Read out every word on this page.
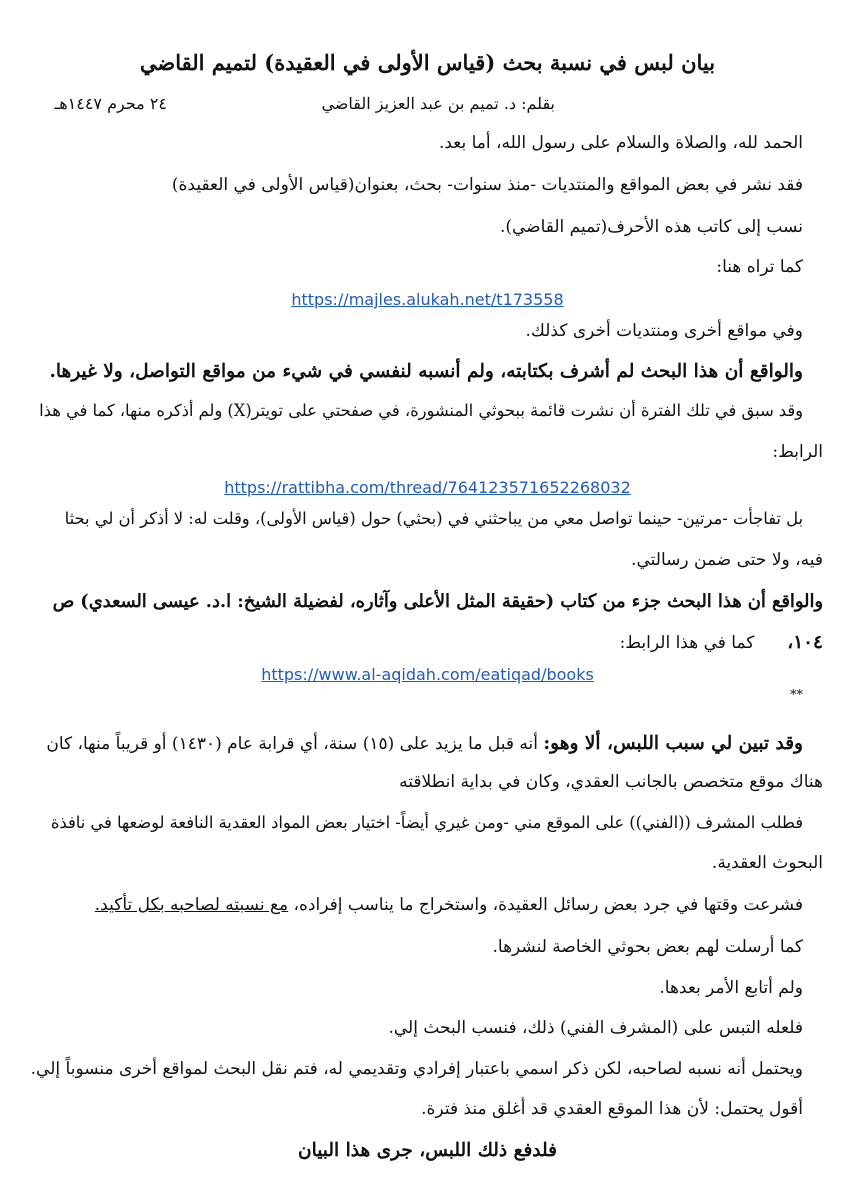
بيان لبس في نسبة بحث (قياس الأولى في العقيدة) لتميم القاضي
بقلم: د. تميم بن عبد العزيز القاضي
٢٤ محرم ١٤٤٧هـ
الحمد لله، والصلاة والسلام على رسول الله، أما بعد.
فقد نشر في بعض المواقع والمنتديات -منذ سنوات- بحث، بعنوان(قياس الأولى في العقيدة)
نسب إلى كاتب هذه الأحرف(تميم القاضي).
كما تراه هنا:
https://majles.alukah.net/t173558
وفي مواقع أخرى ومنتديات أخرى كذلك.
والواقع أن هذا البحث لم أشرف بكتابته، ولم أنسبه لنفسي في شيء من مواقع التواصل، ولا غيرها.
وقد سبق في تلك الفترة أن نشرت قائمة ببحوثي المنشورة، في صفحتي على تويتر(X) ولم أذكره منها، كما في هذا
الرابط:
https://rattibha.com/thread/764123571652268032
بل تفاجأت -مرتين- حينما تواصل معي من يباحثني في (بحثي) حول (قياس الأولى)، وقلت له: لا أذكر أن لي بحثا
فيه، ولا حتى ضمن رسالتي.
والواقع أن هذا البحث جزء من كتاب (حقيقة المثل الأعلى وآثاره، لفضيلة الشيخ: ا.د. عيسى السعدي) ص
١٠٤،  كما في هذا الرابط:
https://www.al-aqidah.com/eatiqad/books
**
وقد تبين لي سبب اللبس، ألا وهو: أنه قبل ما يزيد على (١٥) سنة، أي قرابة عام (١٤٣٠) أو قريباً منها، كان
هناك موقع متخصص بالجانب العقدي، وكان في بداية انطلاقته
فطلب المشرف ((الفني)) على الموقع مني -ومن غيري أيضاً- اختيار بعض المواد العقدية النافعة لوضعها في نافذة
البحوث العقدية.
فشرعت وقتها في جرد بعض رسائل العقيدة، واستخراج ما يناسب إفراده، مع نسبته لصاحبه بكل تأكيد.
كما أرسلت لهم بعض بحوثي الخاصة لنشرها.
ولم أتابع الأمر بعدها.
فلعله التبس على (المشرف الفني) ذلك، فنسب البحث إلي.
ويحتمل أنه نسبه لصاحبه، لكن ذكر اسمي باعتبار إفرادي وتقديمي له، فتم نقل البحث لمواقع أخرى منسوباً إلي.
أقول يحتمل: لأن هذا الموقع العقدي قد أغلق منذ فترة.
فلدفع ذلك اللبس، جرى هذا البيان
